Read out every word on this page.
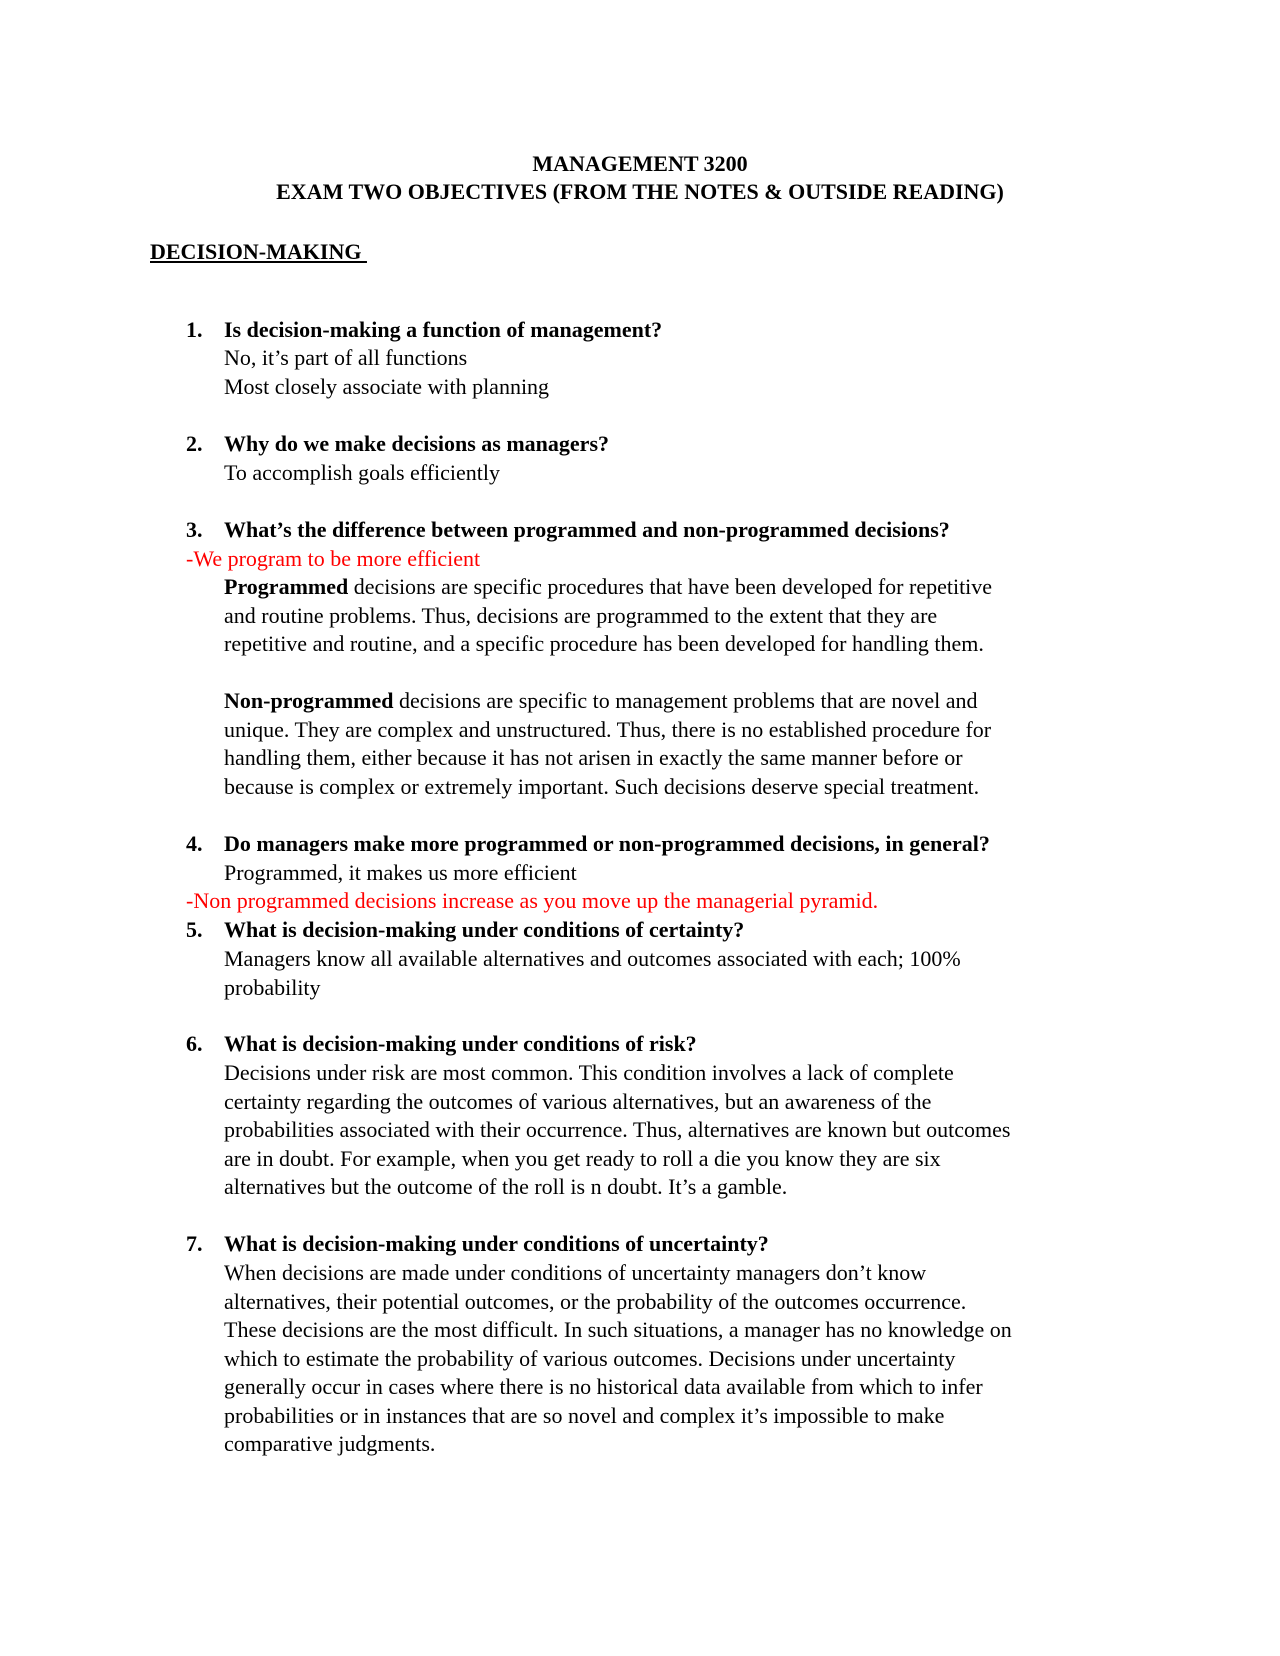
MANAGEMENT 3200
EXAM TWO OBJECTIVES (FROM THE NOTES & OUTSIDE READING)
DECISION-MAKING
1. Is decision-making a function of management?
No, it’s part of all functions
Most closely associate with planning
2. Why do we make decisions as managers?
To accomplish goals efficiently
3. What’s the difference between programmed and non-programmed decisions?
-We program to be more efficient
Programmed decisions are specific procedures that have been developed for repetitive
and routine problems. Thus, decisions are programmed to the extent that they are
repetitive and routine, and a specific procedure has been developed for handling them.
Non-programmed decisions are specific to management problems that are novel and
unique. They are complex and unstructured. Thus, there is no established procedure for
handling them, either because it has not arisen in exactly the same manner before or
because is complex or extremely important. Such decisions deserve special treatment.
4. Do managers make more programmed or non-programmed decisions, in general?
Programmed, it makes us more efficient
-Non programmed decisions increase as you move up the managerial pyramid.
5. What is decision-making under conditions of certainty?
Managers know all available alternatives and outcomes associated with each; 100%
probability
6. What is decision-making under conditions of risk?
Decisions under risk are most common. This condition involves a lack of complete
certainty regarding the outcomes of various alternatives, but an awareness of the
probabilities associated with their occurrence. Thus, alternatives are known but outcomes
are in doubt. For example, when you get ready to roll a die you know they are six
alternatives but the outcome of the roll is n doubt. It’s a gamble.
7. What is decision-making under conditions of uncertainty?
When decisions are made under conditions of uncertainty managers don’t know
alternatives, their potential outcomes, or the probability of the outcomes occurrence.
These decisions are the most difficult. In such situations, a manager has no knowledge on
which to estimate the probability of various outcomes. Decisions under uncertainty
generally occur in cases where there is no historical data available from which to infer
probabilities or in instances that are so novel and complex it’s impossible to make
comparative judgments.
